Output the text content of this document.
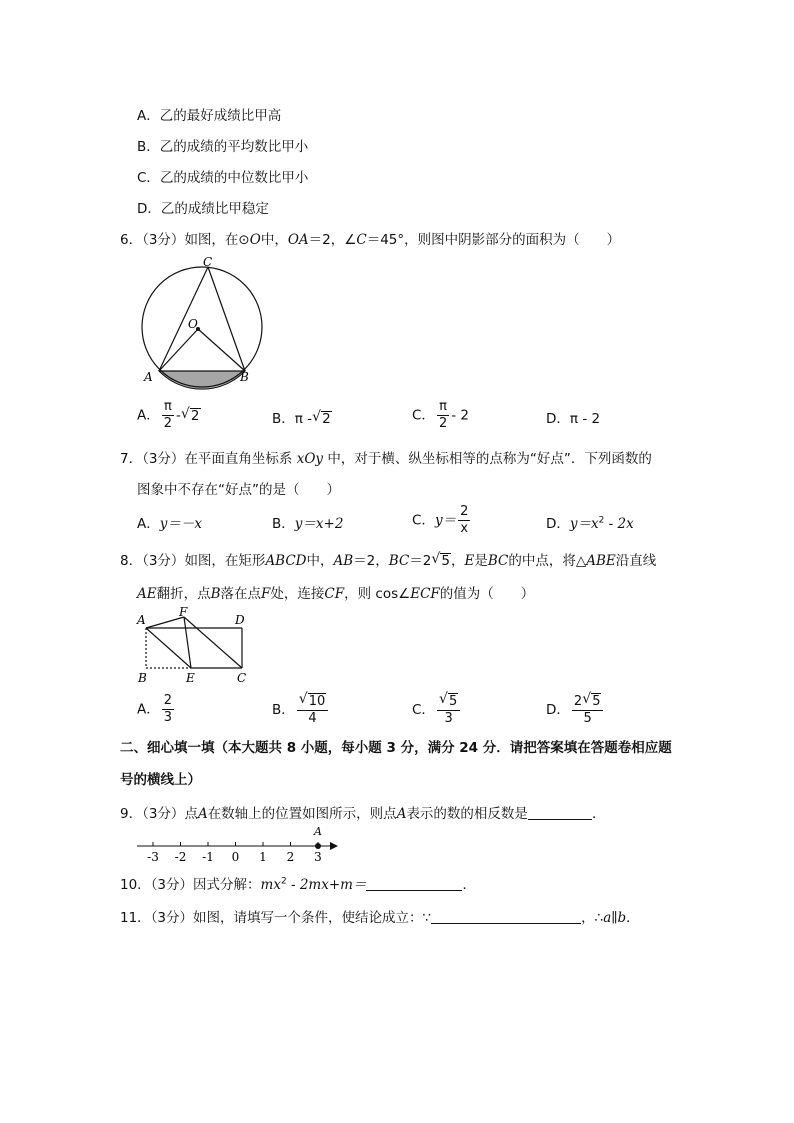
A．乙的最好成绩比甲高
B．乙的成绩的平均数比甲小
C．乙的成绩的中位数比甲小
D．乙的成绩比甲稳定
6．（3分）如图，在⊙O中，OA＝2，∠C＝45°，则图中阴影部分的面积为（　　）
C
O
A	B
A． $\frac{\pi}{2}$ - √ 2	B．π - √ 2	C． $\frac{\pi}{2} - 2$	D．π - 2
7．（3分）在平面直角坐标系 xOy 中，对于横、纵坐标相等的点称为“好点”．下列函数的
图象中不存在“好点”的是（　　）
A．y＝－x	B．y＝x+2	C．$y= \frac{2}{x}$	D．$y=x^2 - 2x$
8．（3分）如图，在矩形ABCD中，AB＝2，BC＝2 √ 5，E是BC的中点，将△ABE沿直线
AE翻折，点B落在点F处，连接CF，则 cos∠ECF的值为（　　）
A
F
D
B	E	C
A． $\frac{2}{3}$	B． √ $\frac{10}{4}$	C． √ $\frac{5}{3}$	D． $\frac{2 √ 5}{5}$
二、细心填一填（本大题共 8 小题，每小题 3 分，满分 24 分．请把答案填在答题卷相应题
号的横线上）
9．（3分）点A在数轴上的位置如图所示，则点A表示的数的相反数是	．
-3 -2 -1 0 1 2 3
A
10．（3分）因式分解：$mx^2 - 2mx+m=$	．
11．（3分）如图，请填写一个条件，使结论成立：∵	，∴a∥b．
